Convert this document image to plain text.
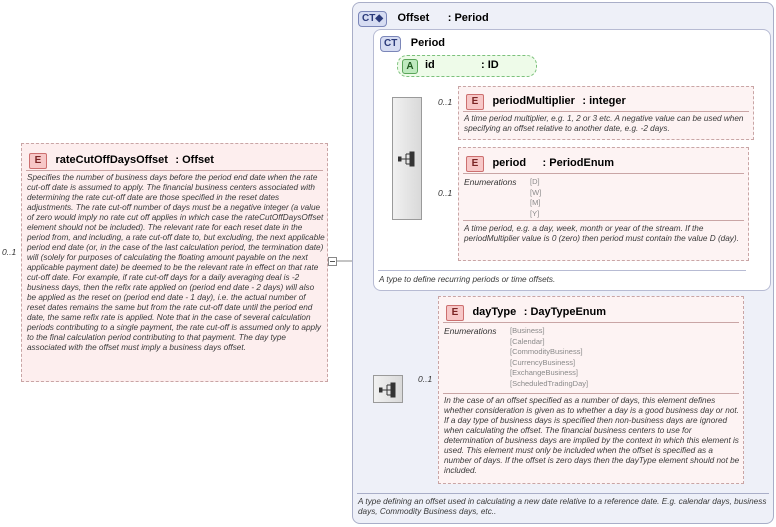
0..1
E rateCutOffDaysOffset : Offset
Specifies the number of business days before the period end date when the rate cut-off date is assumed to apply. The financial business centers associated with determining the rate cut-off date are those specified in the reset dates adjustments. The rate cut-off number of days must be a negative integer (a value of zero would imply no rate cut off applies in which case the rateCutOffDaysOffset element should not be included). The relevant rate for each reset date in the period from, and including, a rate cut-off date to, but excluding, the next applicable period end date (or, in the case of the last calculation period, the termination date) will (solely for purposes of calculating the floating amount payable on the next applicable payment date) be deemed to be the relevant rate in effect on that rate cut-off date. For example, if rate cut-off days for a daily averaging deal is -2 business days, then the refix rate applied on (period end date - 2 days) will also be applied as the reset on (period end date - 1 day), i.e. the actual number of reset dates remains the same but from the rate cut-off date until the period end date, the same refix rate is applied. Note that in the case of several calculation periods contributing to a single payment, the rate cut-off is assumed only to apply to the final calculation period contributing to that payment. The day type associated with the offset must imply a business days offset.
CT◆ Offset : Period
A type defining an offset used in calculating a new date relative to a reference date. E.g. calendar days, business days, Commodity Business days, etc..
CT Period
A type to define recurring periods or time offsets.
A	id	: ID
0..1	E periodMultiplier : integer
A time period multiplier, e.g. 1, 2 or 3 etc. A negative value can be used when specifying an offset relative to another date, e.g. -2 days.
0..1
E period : PeriodEnum
Enumerations [D]
[W]
[M]
[Y]
A time period, e.g. a day, week, month or year of the stream. If the periodMultiplier value is 0 (zero) then period must contain the value D (day).
0..1
E dayType : DayTypeEnum
Enumerations [Business]
[Calendar]
[CommodityBusiness]
[CurrencyBusiness]
[ExchangeBusiness]
[ScheduledTradingDay]
In the case of an offset specified as a number of days, this element defines whether consideration is given as to whether a day is a good business day or not. If a day type of business days is specified then non-business days are ignored when calculating the offset. The financial business centers to use for determination of business days are implied by the context in which this element is used. This element must only be included when the offset is specified as a number of days. If the offset is zero days then the dayType element should not be included.
